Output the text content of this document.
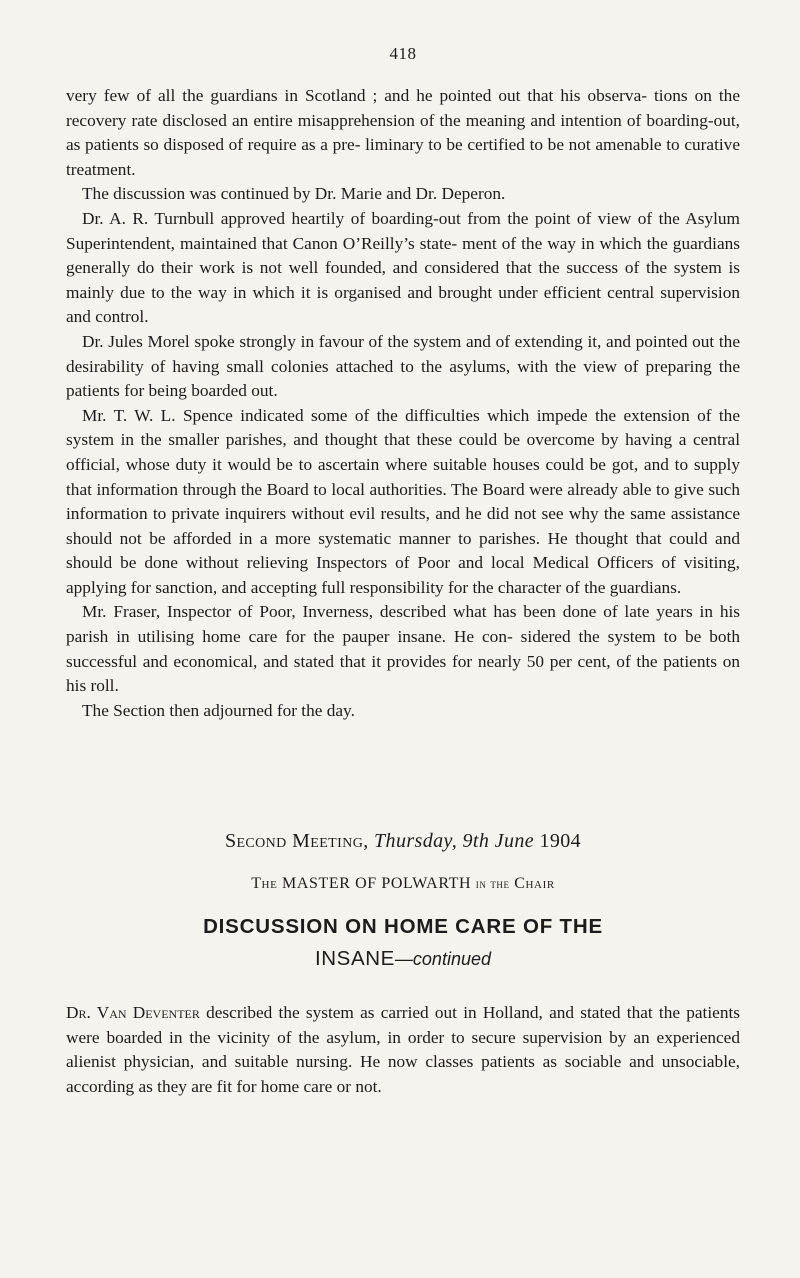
418

very few of all the guardians in Scotland ; and he pointed out that his observa- tions on the recovery rate disclosed an entire misapprehension of the meaning and intention of boarding-out, as patients so disposed of require as a pre- liminary to be certified to be not amenable to curative treatment.

The discussion was continued by Dr. Marie and Dr. Deperon.

Dr. A. R. Turnbull approved heartily of boarding-out from the point of view of the Asylum Superintendent, maintained that Canon O’Reilly’s state- ment of the way in which the guardians generally do their work is not well founded, and considered that the success of the system is mainly due to the way in which it is organised and brought under efficient central supervision and control.

Dr. Jules Morel spoke strongly in favour of the system and of extending it, and pointed out the desirability of having small colonies attached to the asylums, with the view of preparing the patients for being boarded out.

Mr. T. W. L. Spence indicated some of the difficulties which impede the extension of the system in the smaller parishes, and thought that these could be overcome by having a central official, whose duty it would be to ascertain where suitable houses could be got, and to supply that information through the Board to local authorities. The Board were already able to give such information to private inquirers without evil results, and he did not see why the same assistance should not be afforded in a more systematic manner to parishes. He thought that could and should be done without relieving Inspectors of Poor and local Medical Officers of visiting, applying for sanction, and accepting full responsibility for the character of the guardians.

Mr. Fraser, Inspector of Poor, Inverness, described what has been done of late years in his parish in utilising home care for the pauper insane. He con- sidered the system to be both successful and economical, and stated that it provides for nearly 50 per cent, of the patients on his roll.

The Section then adjourned for the day.

Second Meeting, Thursday, 9th June 1904
The MASTER OF POLWARTH in the Chair
DISCUSSION ON HOME CARE OF THE
INSANE—continued

Dr. Van Deventer described the system as carried out in Holland, and stated that the patients were boarded in the vicinity of the asylum, in order to secure supervision by an experienced alienist physician, and suitable nursing. He now classes patients as sociable and unsociable, according as they are fit for home care or not.
